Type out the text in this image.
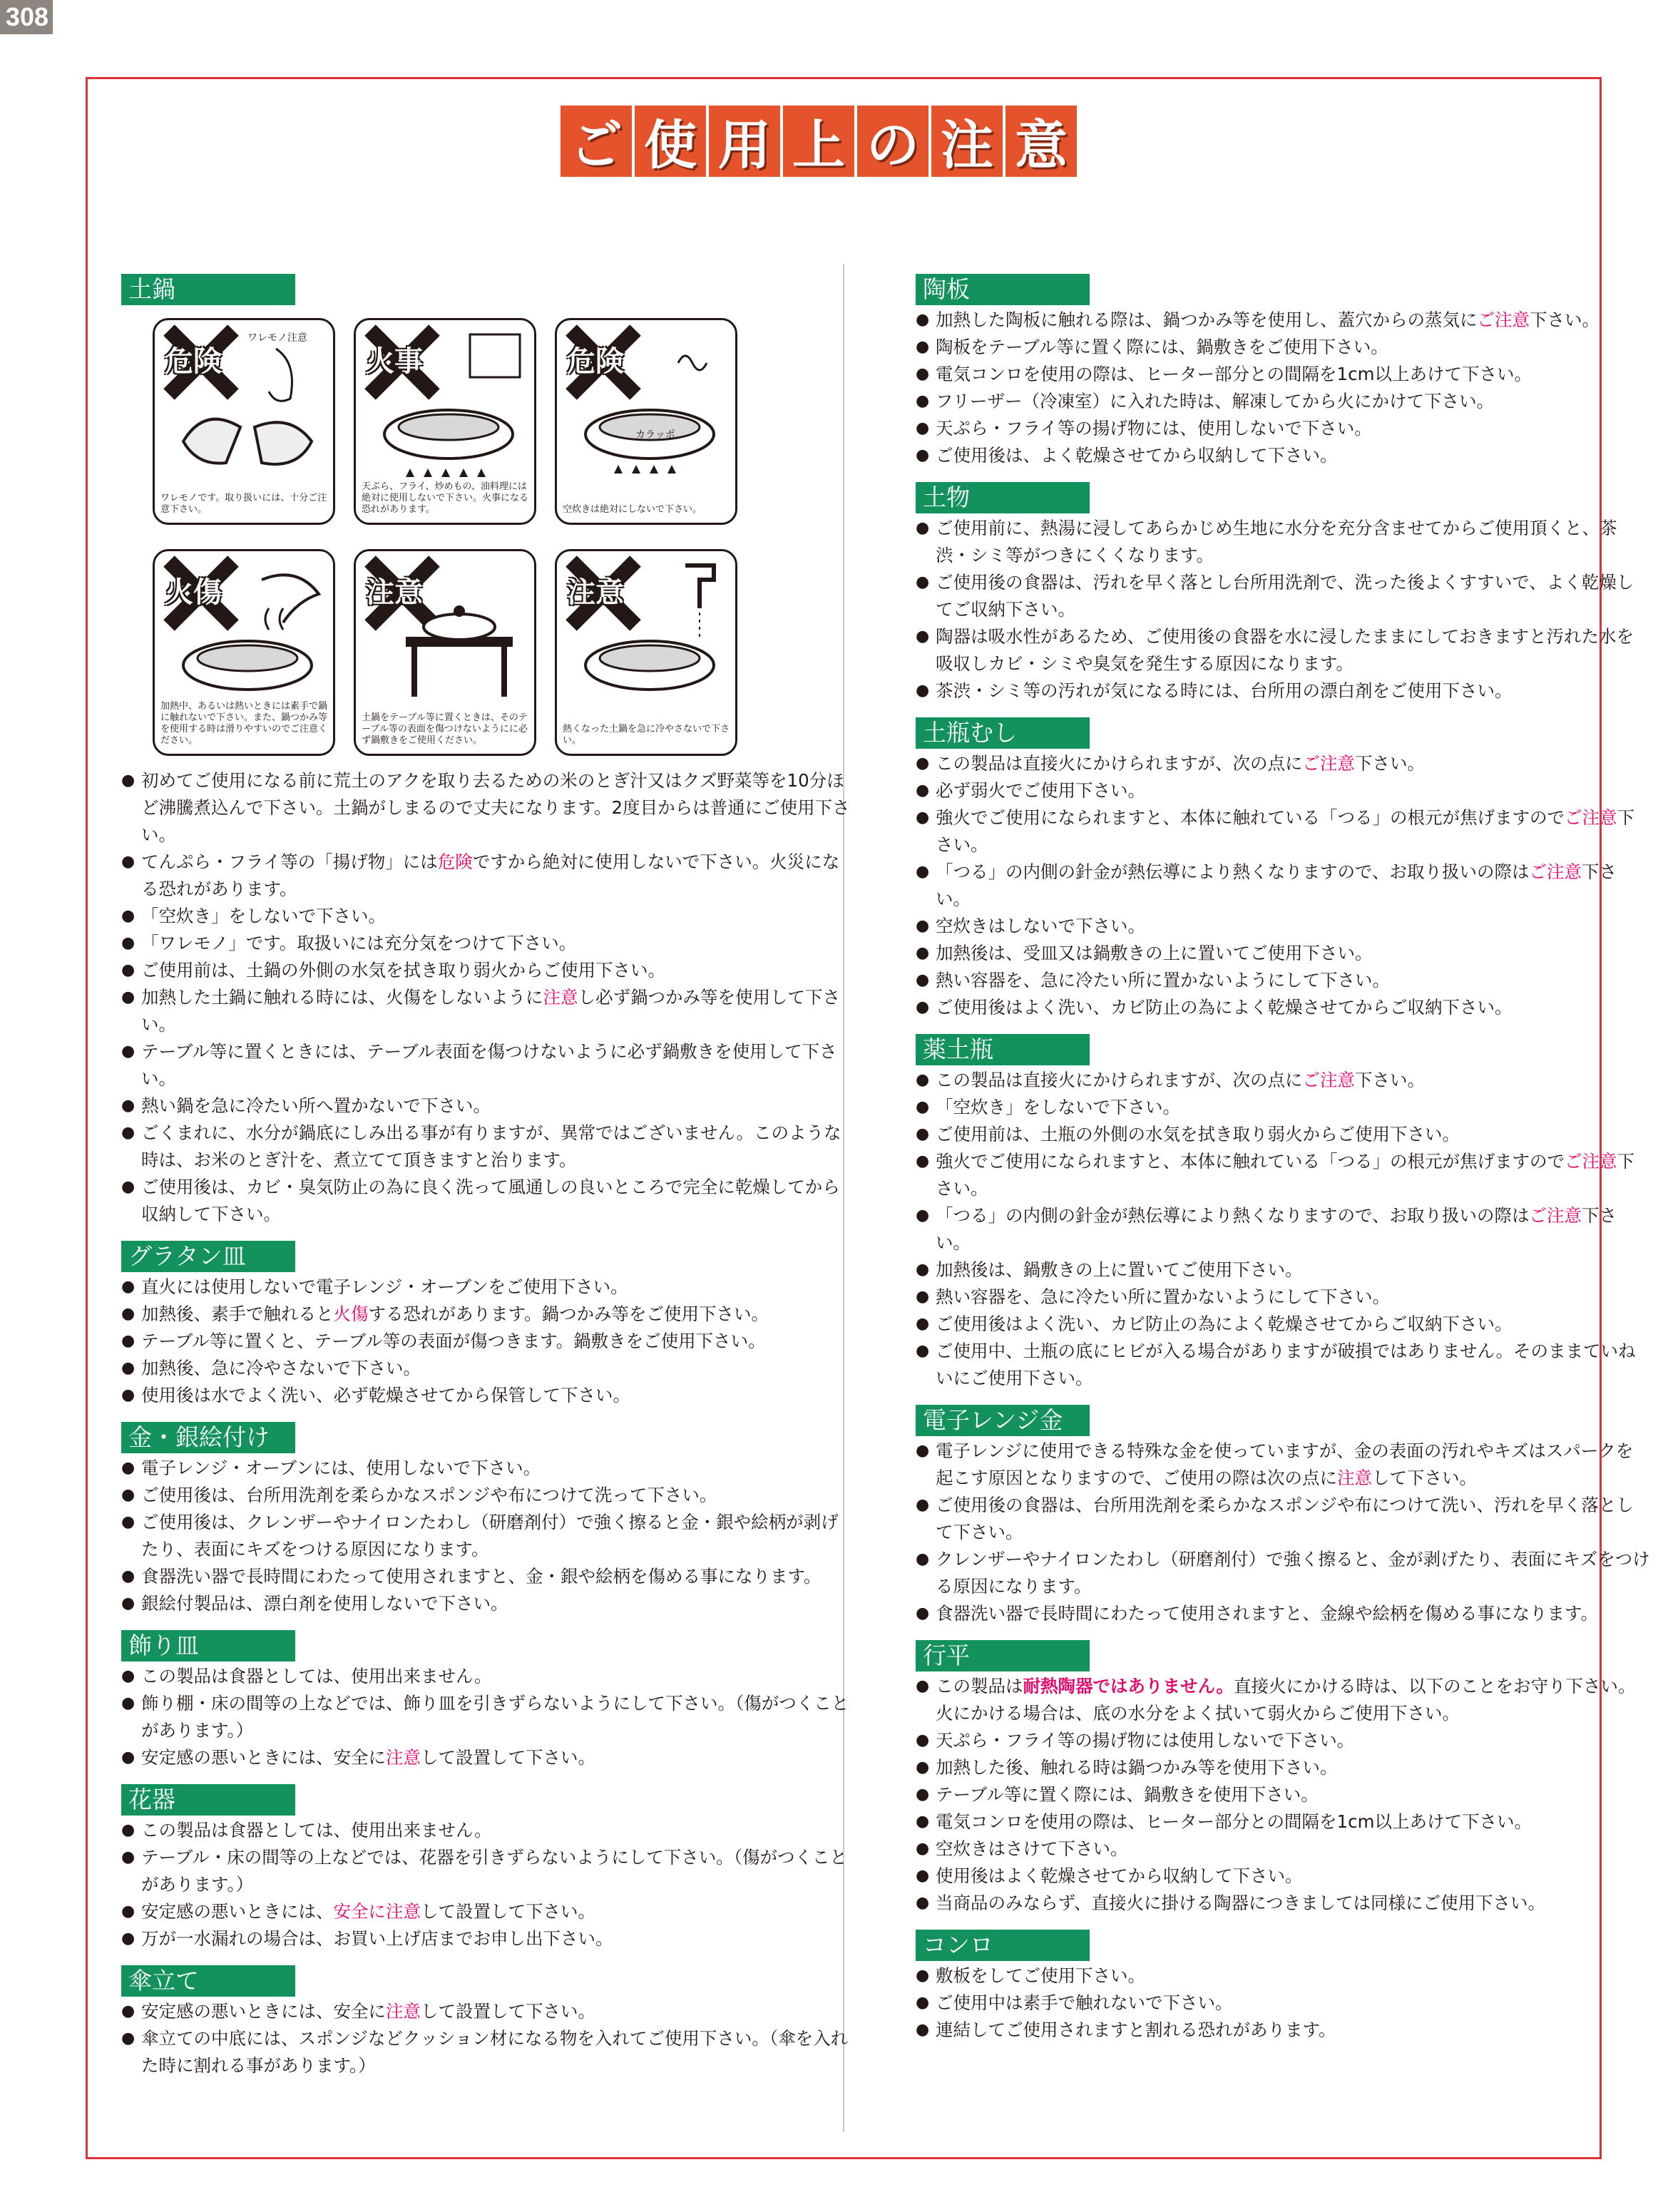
308
ご 使 用 上 の 注 意
土鍋
危険
ワレモノ注意
ワレモノです。取り扱いには、十分ご注意下さい。
火事
天ぷら、フライ、炒めもの、油料理には絶対に使用しないで下さい。火事になる恐れがあります。
危険
カラッポ
空炊きは絶対にしないで下さい。
火傷
加熱中、あるいは熱いときには素手で鍋に触れないで下さい。また、鍋つかみ等を使用する時は滑りやすいのでご注意ください。
注意
土鍋をテーブル等に置くときは、そのテーブル等の表面を傷つけないようにに必ず鍋敷きをご使用ください。
注意
熱くなった土鍋を急に冷やさないで下さい。
● 初めてご使用になる前に荒土のアクを取り去るための米のとぎ汁又はクズ野菜等を10分ほど沸騰煮込んで下さい。土鍋がしまるので丈夫になります。2度目からは普通にご使用下さい。
● てんぷら・フライ等の「揚げ物」には危険ですから絶対に使用しないで下さい。火災になる恐れがあります。
● 「空炊き」をしないで下さい。
● 「ワレモノ」です。取扱いには充分気をつけて下さい。
● ご使用前は、土鍋の外側の水気を拭き取り弱火からご使用下さい。
● 加熱した土鍋に触れる時には、火傷をしないように注意し必ず鍋つかみ等を使用して下さい。
● テーブル等に置くときには、テーブル表面を傷つけないように必ず鍋敷きを使用して下さい。
● 熱い鍋を急に冷たい所へ置かないで下さい。
● ごくまれに、水分が鍋底にしみ出る事が有りますが、異常ではございません。このような時は、お米のとぎ汁を、煮立てて頂きますと治ります。
● ご使用後は、カビ・臭気防止の為に良く洗って風通しの良いところで完全に乾燥してから収納して下さい。
グラタン皿
● 直火には使用しないで電子レンジ・オーブンをご使用下さい。
● 加熱後、素手で触れると火傷する恐れがあります。鍋つかみ等をご使用下さい。
● テーブル等に置くと、テーブル等の表面が傷つきます。鍋敷きをご使用下さい。
● 加熱後、急に冷やさないで下さい。
● 使用後は水でよく洗い、必ず乾燥させてから保管して下さい。
金・銀絵付け
● 電子レンジ・オーブンには、使用しないで下さい。
● ご使用後は、台所用洗剤を柔らかなスポンジや布につけて洗って下さい。
● ご使用後は、クレンザーやナイロンたわし（研磨剤付）で強く擦ると金・銀や絵柄が剥げたり、表面にキズをつける原因になります。
● 食器洗い器で長時間にわたって使用されますと、金・銀や絵柄を傷める事になります。
● 銀絵付製品は、漂白剤を使用しないで下さい。
飾り皿
● この製品は食器としては、使用出来ません。
● 飾り棚・床の間等の上などでは、飾り皿を引きずらないようにして下さい。（傷がつくことがあります。）
● 安定感の悪いときには、安全に注意して設置して下さい。
花器
● この製品は食器としては、使用出来ません。
● テーブル・床の間等の上などでは、花器を引きずらないようにして下さい。（傷がつくことがあります。）
● 安定感の悪いときには、安全に注意して設置して下さい。
● 万が一水漏れの場合は、お買い上げ店までお申し出下さい。
傘立て
● 安定感の悪いときには、安全に注意して設置して下さい。
● 傘立ての中底には、スポンジなどクッション材になる物を入れてご使用下さい。（傘を入れた時に割れる事があります。）
陶板
● 加熱した陶板に触れる際は、鍋つかみ等を使用し、蓋穴からの蒸気にご注意下さい。
● 陶板をテーブル等に置く際には、鍋敷きをご使用下さい。
● 電気コンロを使用の際は、ヒーター部分との間隔を1cm以上あけて下さい。
● フリーザー（冷凍室）に入れた時は、解凍してから火にかけて下さい。
● 天ぷら・フライ等の揚げ物には、使用しないで下さい。
● ご使用後は、よく乾燥させてから収納して下さい。
土物
● ご使用前に、熱湯に浸してあらかじめ生地に水分を充分含ませてからご使用頂くと、茶渋・シミ等がつきにくくなります。
● ご使用後の食器は、汚れを早く落とし台所用洗剤で、洗った後よくすすいで、よく乾燥してご収納下さい。
● 陶器は吸水性があるため、ご使用後の食器を水に浸したままにしておきますと汚れた水を吸収しカビ・シミや臭気を発生する原因になります。
● 茶渋・シミ等の汚れが気になる時には、台所用の漂白剤をご使用下さい。
土瓶むし
● この製品は直接火にかけられますが、次の点にご注意下さい。
● 必ず弱火でご使用下さい。
● 強火でご使用になられますと、本体に触れている「つる」の根元が焦げますのでご注意下さい。
● 「つる」の内側の針金が熱伝導により熱くなりますので、お取り扱いの際はご注意下さい。
● 空炊きはしないで下さい。
● 加熱後は、受皿又は鍋敷きの上に置いてご使用下さい。
● 熱い容器を、急に冷たい所に置かないようにして下さい。
● ご使用後はよく洗い、カビ防止の為によく乾燥させてからご収納下さい。
薬土瓶
● この製品は直接火にかけられますが、次の点にご注意下さい。
● 「空炊き」をしないで下さい。
● ご使用前は、土瓶の外側の水気を拭き取り弱火からご使用下さい。
● 強火でご使用になられますと、本体に触れている「つる」の根元が焦げますのでご注意下さい。
● 「つる」の内側の針金が熱伝導により熱くなりますので、お取り扱いの際はご注意下さい。
● 加熱後は、鍋敷きの上に置いてご使用下さい。
● 熱い容器を、急に冷たい所に置かないようにして下さい。
● ご使用後はよく洗い、カビ防止の為によく乾燥させてからご収納下さい。
● ご使用中、土瓶の底にヒビが入る場合がありますが破損ではありません。そのままていねいにご使用下さい。
電子レンジ金
● 電子レンジに使用できる特殊な金を使っていますが、金の表面の汚れやキズはスパークを起こす原因となりますので、ご使用の際は次の点に注意して下さい。
● ご使用後の食器は、台所用洗剤を柔らかなスポンジや布につけて洗い、汚れを早く落として下さい。
● クレンザーやナイロンたわし（研磨剤付）で強く擦ると、金が剥げたり、表面にキズをつける原因になります。
● 食器洗い器で長時間にわたって使用されますと、金線や絵柄を傷める事になります。
行平
● この製品は耐熱陶器ではありません。直接火にかける時は、以下のことをお守り下さい。火にかける場合は、底の水分をよく拭いて弱火からご使用下さい。
● 天ぷら・フライ等の揚げ物には使用しないで下さい。
● 加熱した後、触れる時は鍋つかみ等を使用下さい。
● テーブル等に置く際には、鍋敷きを使用下さい。
● 電気コンロを使用の際は、ヒーター部分との間隔を1cm以上あけて下さい。
● 空炊きはさけて下さい。
● 使用後はよく乾燥させてから収納して下さい。
● 当商品のみならず、直接火に掛ける陶器につきましては同様にご使用下さい。
コンロ
● 敷板をしてご使用下さい。
● ご使用中は素手で触れないで下さい。
● 連結してご使用されますと割れる恐れがあります。
